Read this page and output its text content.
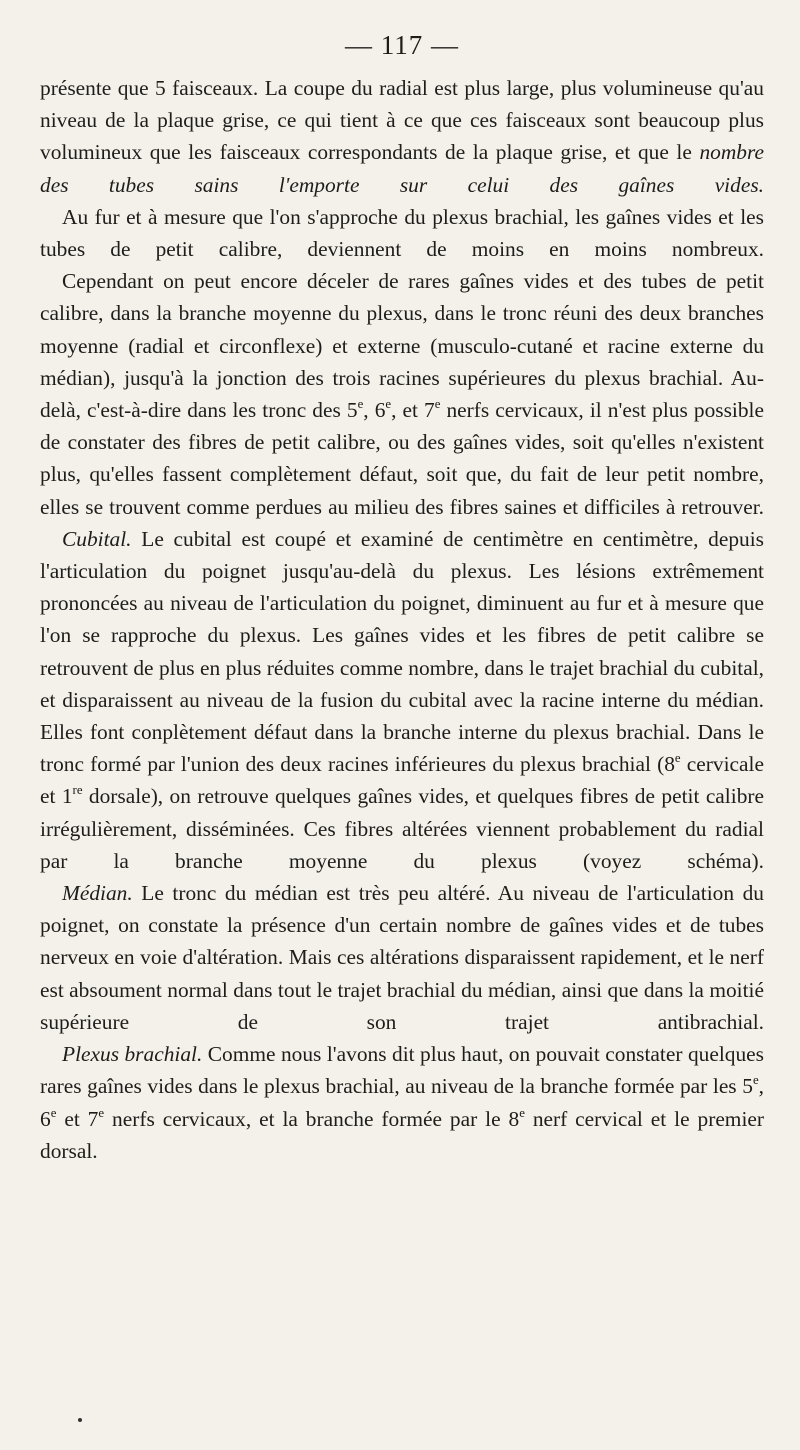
— 117 —

présente que 5 faisceaux. La coupe du radial est plus large, plus volumineuse qu'au niveau de la plaque grise, ce qui tient à ce que ces faisceaux sont beaucoup plus volumineux que les faisceaux correspondants de la plaque grise, et que le nombre des tubes sains l'emporte sur celui des gaînes vides.

Au fur et à mesure que l'on s'approche du plexus brachial, les gaînes vides et les tubes de petit calibre, deviennent de moins en moins nombreux.

Cependant on peut encore déceler de rares gaînes vides et des tubes de petit calibre, dans la branche moyenne du plexus, dans le tronc réuni des deux branches moyenne (radial et circonflexe) et externe (musculo-cutané et racine externe du médian), jusqu'à la jonction des trois racines supérieures du plexus brachial. Au-delà, c'est-à-dire dans les tronc des 5e, 6e, et 7e nerfs cervicaux, il n'est plus possible de constater des fibres de petit calibre, ou des gaînes vides, soit qu'elles n'existent plus, qu'elles fassent complètement défaut, soit que, du fait de leur petit nombre, elles se trouvent comme perdues au milieu des fibres saines et difficiles à retrouver.

Cubital. Le cubital est coupé et examiné de centimètre en centimètre, depuis l'articulation du poignet jusqu'au-delà du plexus. Les lésions extrêmement prononcées au niveau de l'articulation du poignet, diminuent au fur et à mesure que l'on se rapproche du plexus. Les gaînes vides et les fibres de petit calibre se retrouvent de plus en plus réduites comme nombre, dans le trajet brachial du cubital, et disparaissent au niveau de la fusion du cubital avec la racine interne du médian. Elles font conplètement défaut dans la branche interne du plexus brachial. Dans le tronc formé par l'union des deux racines inférieures du plexus brachial (8e cervicale et 1re dorsale), on retrouve quelques gaînes vides, et quelques fibres de petit calibre irrégulièrement, disséminées. Ces fibres altérées viennent probablement du radial par la branche moyenne du plexus (voyez schéma).

Médian. Le tronc du médian est très peu altéré. Au niveau de l'articulation du poignet, on constate la présence d'un certain nombre de gaînes vides et de tubes nerveux en voie d'altération. Mais ces altérations disparaissent rapidement, et le nerf est absoument normal dans tout le trajet brachial du médian, ainsi que dans la moitié supérieure de son trajet antibrachial.

Plexus brachial. Comme nous l'avons dit plus haut, on pouvait constater quelques rares gaînes vides dans le plexus brachial, au niveau de la branche formée par les 5e, 6e et 7e nerfs cervicaux, et la branche formée par le 8e nerf cervical et le premier dorsal.
